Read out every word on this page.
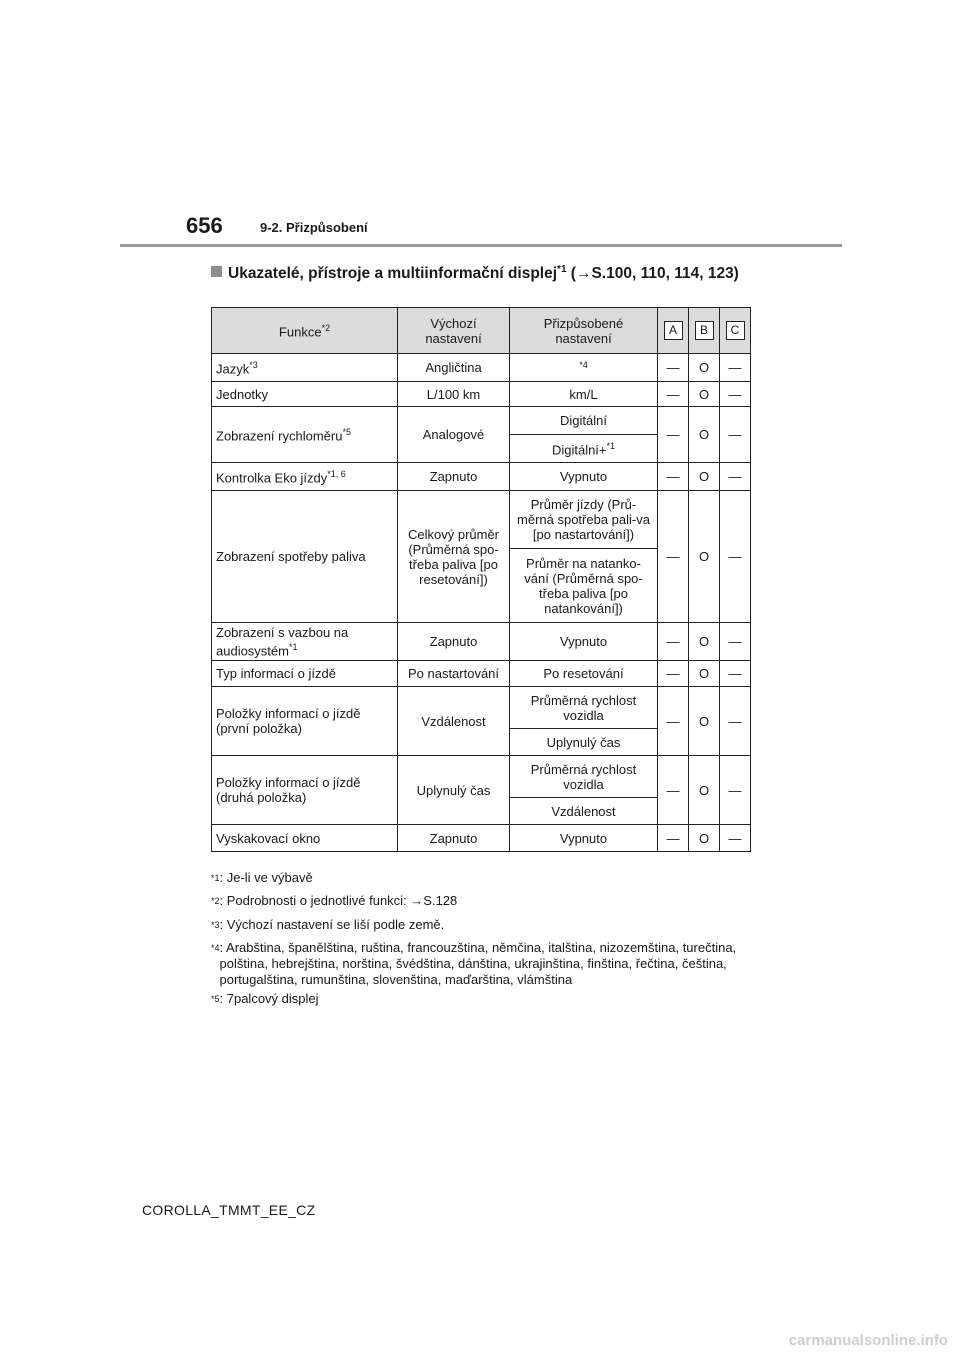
656	9-2. Přizpůsobení
Ukazatelé, přístroje a multiinformační displej$^{*1}$ (→S.100, 110, 114, 123)
Funkce$^{*2}$	Výchozí nastavení	Přizpůsobené nastavení	A	B	C
Jazyk$^{*3}$	Angličtina	$^{*4}$	—	O	—
Jednotky	L/100 km	km/L	—	O	—
Zobrazení rychloměru$^{*5}$	Analogové	Digitální	—	O	—
		Digitální+$^{*1}$
Kontrolka Eko jízdy$^{*1, 6}$	Zapnuto	Vypnuto	—	O	—
Zobrazení spotřeby paliva	Celkový průměr (Průměrná spo-třeba paliva [po resetování])	Průměr jízdy (Prů-měrná spotřeba pali-va [po nastartování])	—	O	—
		Průměr na natanko-vání (Průměrná spo-třeba paliva [po natankování])			
Zobrazení s vazbou na audiosystém$^{*1}$	Zapnuto	Vypnuto	—	O	—
Typ informací o jízdě	Po nastartování	Po resetování	—	O	—
Položky informací o jízdě (první položka)	Vzdálenost	Průměrná rychlost vozidla	—	O	—
		Uplynulý čas			
Položky informací o jízdě (druhá položka)	Uplynulý čas	Průměrná rychlost vozidla	—	O	—
		Vzdálenost			
Vyskakovací okno	Zapnuto	Vypnuto	—	O	—
$^{*1}$ : Je-li ve výbavě
$^{*2}$ : Podrobnosti o jednotlivé funkci: →S.128
$^{*3}$ : Výchozí nastavení se liší podle země.
$^{*4}$ : Arabština, španělština, ruština, francouzština, němčina, italština, nizozemština, turečtina, polština, hebrejština, norština, švédština, dánština, ukrajinština, finština, řečtina, čeština, portugalština, rumunština, slovenština, maďarština, vlámština
$^{*5}$ : 7palcový displej
COROLLA_TMMT_EE_CZ
carmanualsonline.info
